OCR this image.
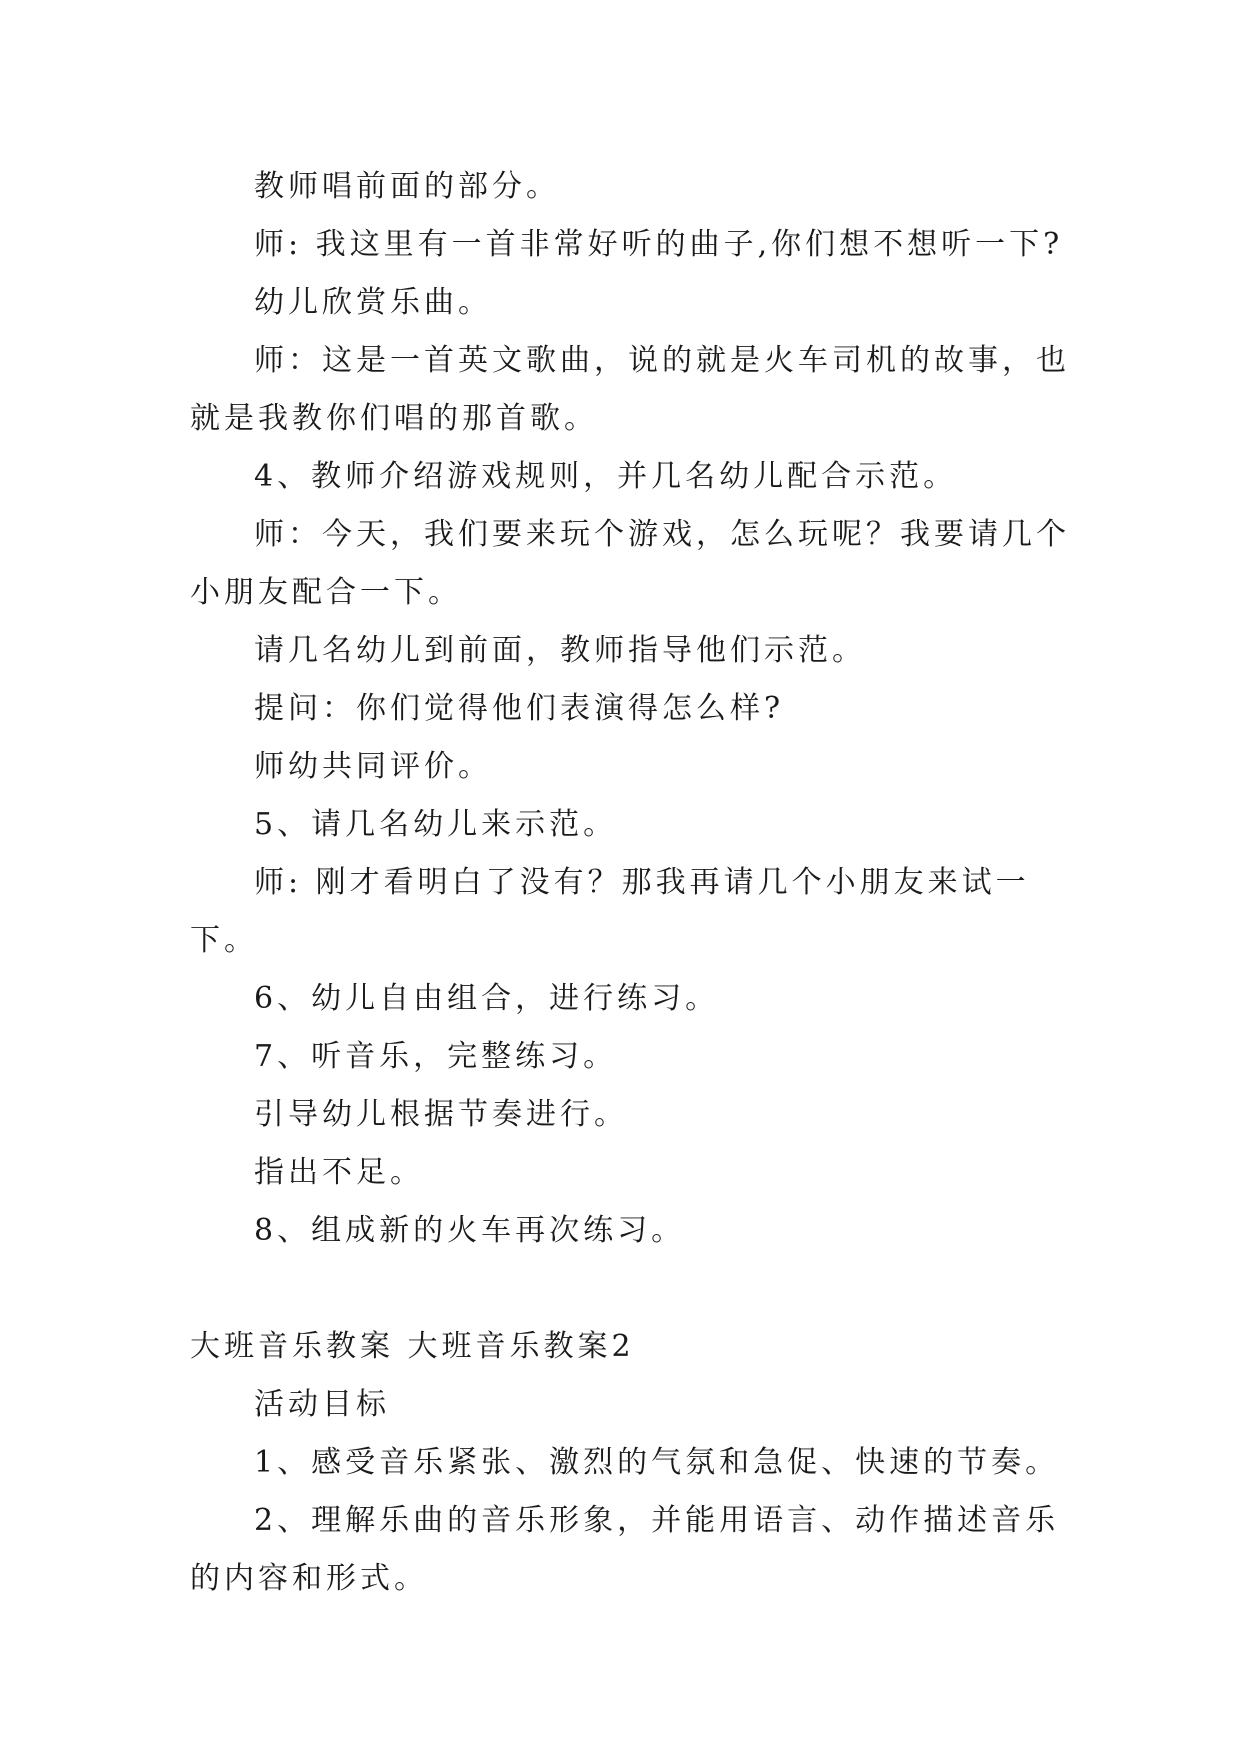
教师唱前面的部分。

师: 我这里有一首非常好听的曲子,你们想不想听一下?

幼儿欣赏乐曲。

师：这是一首英文歌曲，说的就是火车司机的故事，也就是我教你们唱的那首歌。

4、教师介绍游戏规则，并几名幼儿配合示范。

师：今天，我们要来玩个游戏，怎么玩呢？我要请几个小朋友配合一下。

请几名幼儿到前面，教师指导他们示范。

提问：你们觉得他们表演得怎么样?

师幼共同评价。

5、请几名幼儿来示范。

师: 刚才看明白了没有？那我再请几个小朋友来试一下。

6、幼儿自由组合，进行练习。

7、听音乐，完整练习。

引导幼儿根据节奏进行。

指出不足。

8、组成新的火车再次练习。

大班音乐教案 大班音乐教案2

活动目标

1、感受音乐紧张、激烈的气氛和急促、快速的节奏。

2、理解乐曲的音乐形象，并能用语言、动作描述音乐的内容和形式。
